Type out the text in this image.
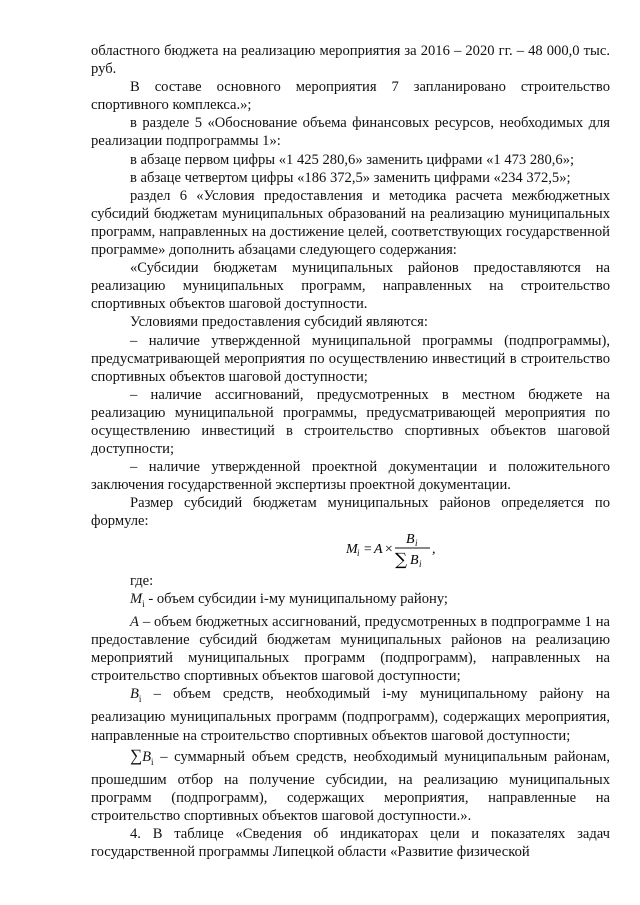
областного бюджета на реализацию мероприятия за 2016 – 2020 гг. – 48 000,0 тыс. руб.

В составе основного мероприятия 7 запланировано строительство спортивного комплекса.»;

в разделе 5 «Обоснование объема финансовых ресурсов, необходимых для реализации подпрограммы 1»:

в абзаце первом цифры «1 425 280,6» заменить цифрами «1 473 280,6»;

в абзаце четвертом цифры «186 372,5» заменить цифрами «234 372,5»;

раздел 6 «Условия предоставления и методика расчета межбюджетных субсидий бюджетам муниципальных образований на реализацию муниципальных программ, направленных на достижение целей, соответствующих государственной программе» дополнить абзацами следующего содержания:

«Субсидии бюджетам муниципальных районов предоставляются на реализацию муниципальных программ, направленных на строительство спортивных объектов шаговой доступности.

Условиями предоставления субсидий являются:

– наличие утвержденной муниципальной программы (подпрограммы), предусматривающей мероприятия по осуществлению инвестиций в строительство спортивных объектов шаговой доступности;

– наличие ассигнований, предусмотренных в местном бюджете на реализацию муниципальной программы, предусматривающей мероприятия по осуществлению инвестиций в строительство спортивных объектов шаговой доступности;

– наличие утвержденной проектной документации и положительного заключения государственной экспертизы проектной документации.

Размер субсидий бюджетам муниципальных районов определяется по формуле:

M i = A ×
B i
∑ B i
,

где:

$M_i$ - объем субсидии i-му муниципальному району;

А – объем бюджетных ассигнований, предусмотренных в подпрограмме 1 на предоставление субсидий бюджетам муниципальных районов на реализацию мероприятий муниципальных программ (подпрограмм), направленных на строительство спортивных объектов шаговой доступности;

$B_i$ – объем средств, необходимый i-му муниципальному району на реализацию муниципальных программ (подпрограмм), содержащих мероприятия, направленные на строительство спортивных объектов шаговой доступности;

$\sum B_i$ – суммарный объем средств, необходимый муниципальным районам, прошедшим отбор на получение субсидии, на реализацию муниципальных программ (подпрограмм), содержащих мероприятия, направленные на строительство спортивных объектов шаговой доступности.».

4. В таблице «Сведения об индикаторах цели и показателях задач государственной программы Липецкой области «Развитие физической
